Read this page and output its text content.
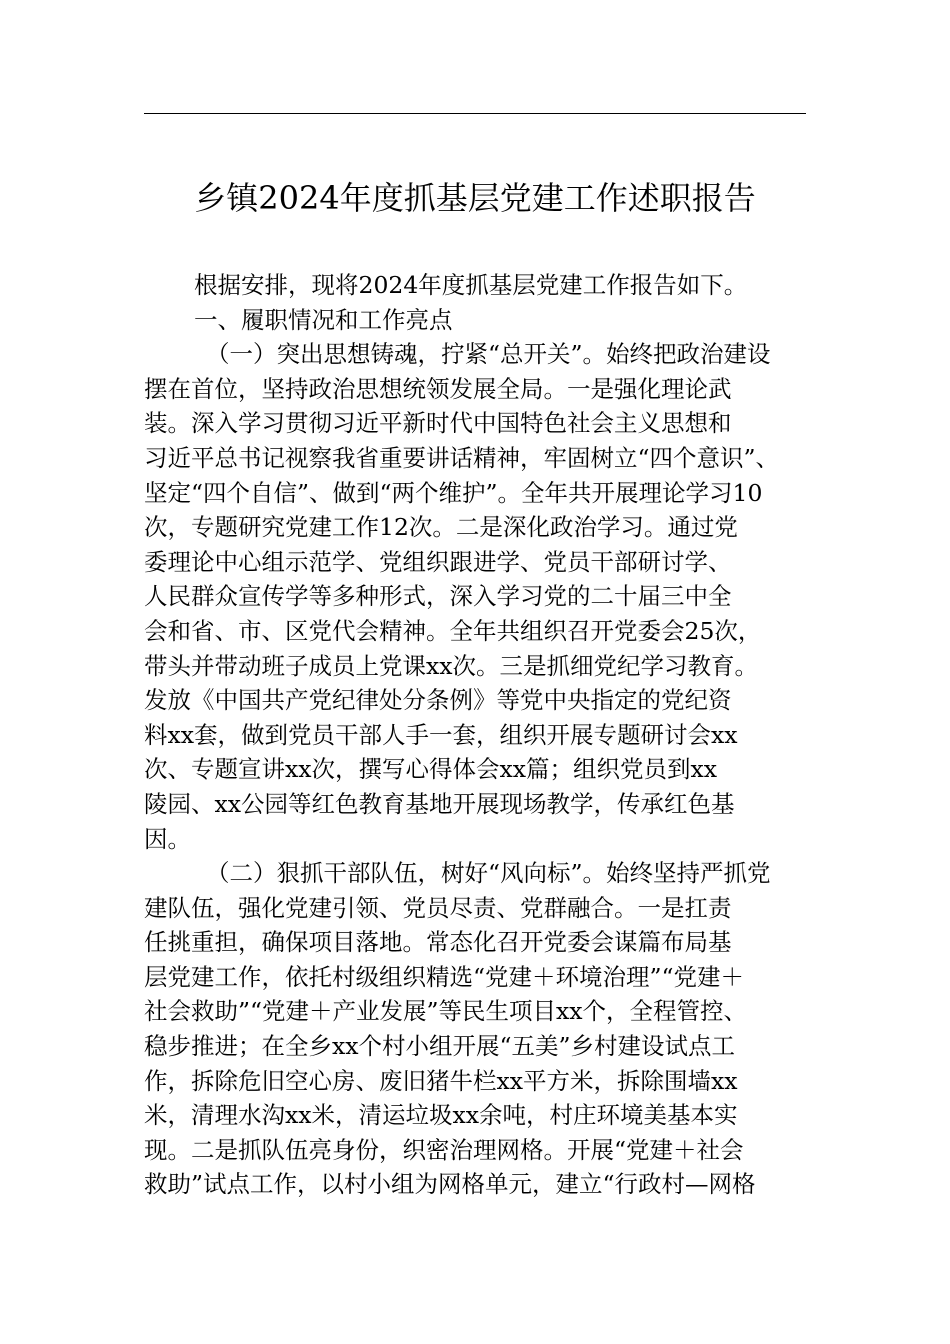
乡镇2024年度抓基层党建工作述职报告
根据安排，现将2024年度抓基层党建工作报告如下。
一、履职情况和工作亮点
（一）突出思想铸魂，拧紧“总开关”。始终把政治建设
摆在首位，坚持政治思想统领发展全局。一是强化理论武
装。深入学习贯彻习近平新时代中国特色社会主义思想和
习近平总书记视察我省重要讲话精神，牢固树立“四个意识”、
坚定“四个自信”、做到“两个维护”。全年共开展理论学习10
次，专题研究党建工作12次。二是深化政治学习。通过党
委理论中心组示范学、党组织跟进学、党员干部研讨学、
人民群众宣传学等多种形式，深入学习党的二十届三中全
会和省、市、区党代会精神。全年共组织召开党委会25次，
带头并带动班子成员上党课xx次。三是抓细党纪学习教育。
发放《中国共产党纪律处分条例》等党中央指定的党纪资
料xx套，做到党员干部人手一套，组织开展专题研讨会xx
次、专题宣讲xx次，撰写心得体会xx篇；组织党员到xx
陵园、xx公园等红色教育基地开展现场教学，传承红色基
因。
（二）狠抓干部队伍，树好“风向标”。始终坚持严抓党
建队伍，强化党建引领、党员尽责、党群融合。一是扛责
任挑重担，确保项目落地。常态化召开党委会谋篇布局基
层党建工作，依托村级组织精选“党建＋环境治理”“党建＋
社会救助”“党建＋产业发展”等民生项目xx个，全程管控、
稳步推进；在全乡xx个村小组开展“五美”乡村建设试点工
作，拆除危旧空心房、废旧猪牛栏xx平方米，拆除围墙xx
米，清理水沟xx米，清运垃圾xx余吨，村庄环境美基本实
现。二是抓队伍亮身份，织密治理网格。开展“党建＋社会
救助”试点工作，以村小组为网格单元，建立“行政村—网格
